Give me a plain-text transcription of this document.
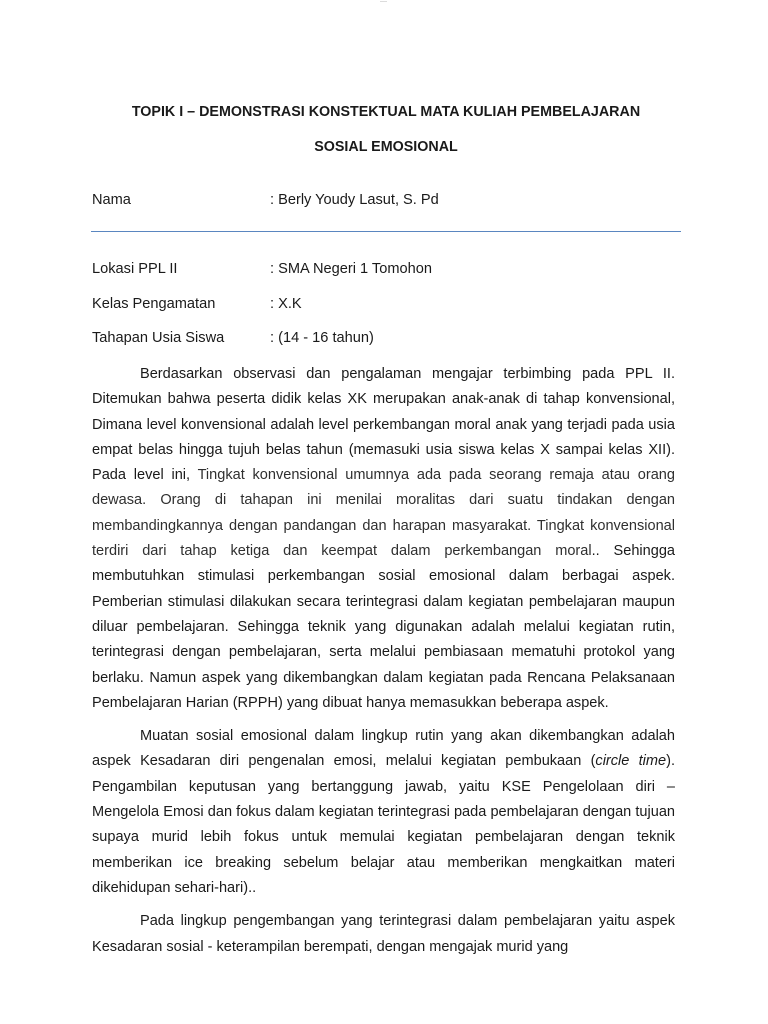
—
TOPIK I – DEMONSTRASI KONSTEKTUAL MATA KULIAH PEMBELAJARAN
SOSIAL EMOSIONAL
Nama	: Berly Youdy Lasut, S. Pd
Lokasi PPL II	: SMA Negeri 1 Tomohon
Kelas Pengamatan	: X.K
Tahapan Usia Siswa	: (14 - 16 tahun)

Berdasarkan observasi dan pengalaman mengajar terbimbing pada PPL II. Ditemukan bahwa peserta didik kelas XK merupakan anak-anak di tahap konvensional, Dimana level konvensional adalah level perkembangan moral anak yang terjadi pada usia empat belas hingga tujuh belas tahun (memasuki usia siswa kelas X sampai kelas XII). Pada level ini, Tingkat konvensional umumnya ada pada seorang remaja atau orang dewasa. Orang di tahapan ini menilai moralitas dari suatu tindakan dengan membandingkannya dengan pandangan dan harapan masyarakat. Tingkat konvensional terdiri dari tahap ketiga dan keempat dalam perkembangan moral.. Sehingga membutuhkan stimulasi perkembangan sosial emosional dalam berbagai aspek. Pemberian stimulasi dilakukan secara terintegrasi dalam kegiatan pembelajaran maupun diluar pembelajaran. Sehingga teknik yang digunakan adalah melalui kegiatan rutin, terintegrasi dengan pembelajaran, serta melalui pembiasaan mematuhi protokol yang berlaku. Namun aspek yang dikembangkan dalam kegiatan pada Rencana Pelaksanaan Pembelajaran Harian (RPPH) yang dibuat hanya memasukkan beberapa aspek.

Muatan sosial emosional dalam lingkup rutin yang akan dikembangkan adalah aspek Kesadaran diri pengenalan emosi, melalui kegiatan pembukaan (circle time). Pengambilan keputusan yang bertanggung jawab, yaitu KSE Pengelolaan diri – Mengelola Emosi dan fokus dalam kegiatan terintegrasi pada pembelajaran dengan tujuan supaya murid lebih fokus untuk memulai kegiatan pembelajaran dengan teknik memberikan ice breaking sebelum belajar atau memberikan mengkaitkan materi dikehidupan sehari-hari)..

Pada lingkup pengembangan yang terintegrasi dalam pembelajaran yaitu aspek Kesadaran sosial - keterampilan berempati, dengan mengajak murid yang
